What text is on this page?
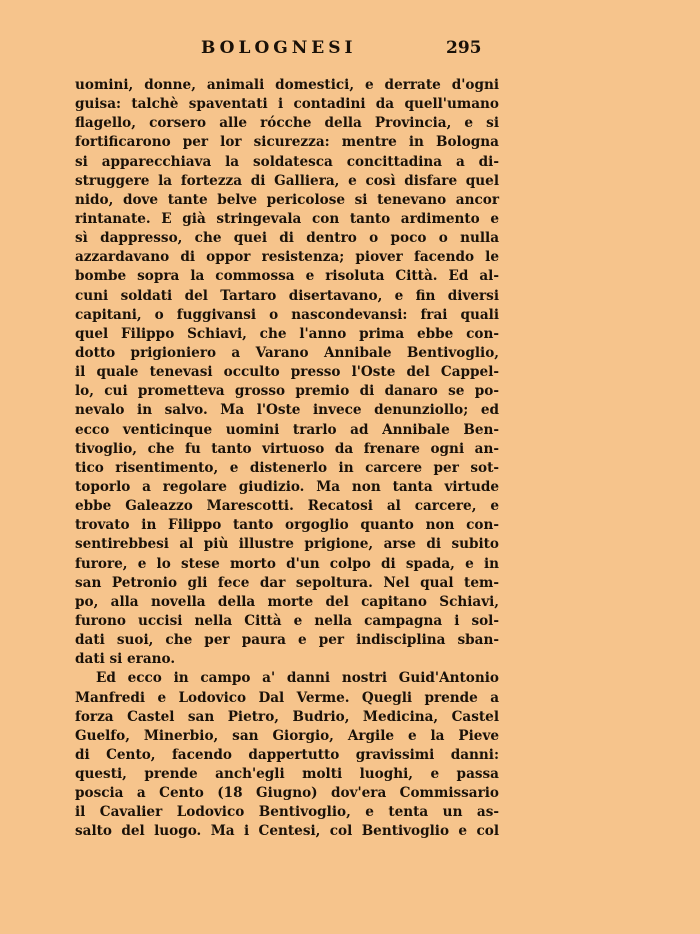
BOLOGNESI	295
uomini, donne, animali domestici, e derrate d'ogni
guisa: talchè spaventati i contadini da quell'umano
flagello, corsero alle rócche della Provincia, e si
fortificarono per lor sicurezza: mentre in Bologna
si apparecchiava la soldatesca concittadina a di-
struggere la fortezza di Galliera, e così disfare quel
nido, dove tante belve pericolose si tenevano ancor
rintanate. E già stringevala con tanto ardimento e
sì dappresso, che quei di dentro o poco o nulla
azzardavano di oppor resistenza; piover facendo le
bombe sopra la commossa e risoluta Città. Ed al-
cuni soldati del Tartaro disertavano, e fin diversi
capitani, o fuggivansi o nascondevansi: frai quali
quel Filippo Schiavi, che l'anno prima ebbe con-
dotto prigioniero a Varano Annibale Bentivoglio,
il quale tenevasi occulto presso l'Oste del Cappel-
lo, cui prometteva grosso premio di danaro se po-
nevalo in salvo. Ma l'Oste invece denunziollo; ed
ecco venticinque uomini trarlo ad Annibale Ben-
tivoglio, che fu tanto virtuoso da frenare ogni an-
tico risentimento, e distenerlo in carcere per sot-
toporlo a regolare giudizio. Ma non tanta virtude
ebbe Galeazzo Marescotti. Recatosi al carcere, e
trovato in Filippo tanto orgoglio quanto non con-
sentirebbesi al più illustre prigione, arse di subito
furore, e lo stese morto d'un colpo di spada, e in
san Petronio gli fece dar sepoltura. Nel qual tem-
po, alla novella della morte del capitano Schiavi,
furono uccisi nella Città e nella campagna i sol-
dati suoi, che per paura e per indisciplina sban-
dati si erano.
Ed ecco in campo a' danni nostri Guid'Antonio
Manfredi e Lodovico Dal Verme. Quegli prende a
forza Castel san Pietro, Budrio, Medicina, Castel
Guelfo, Minerbio, san Giorgio, Argile e la Pieve
di Cento, facendo dappertutto gravissimi danni:
questi, prende anch'egli molti luoghi, e passa
poscia a Cento (18 Giugno) dov'era Commissario
il Cavalier Lodovico Bentivoglio, e tenta un as-
salto del luogo. Ma i Centesi, col Bentivoglio e col
